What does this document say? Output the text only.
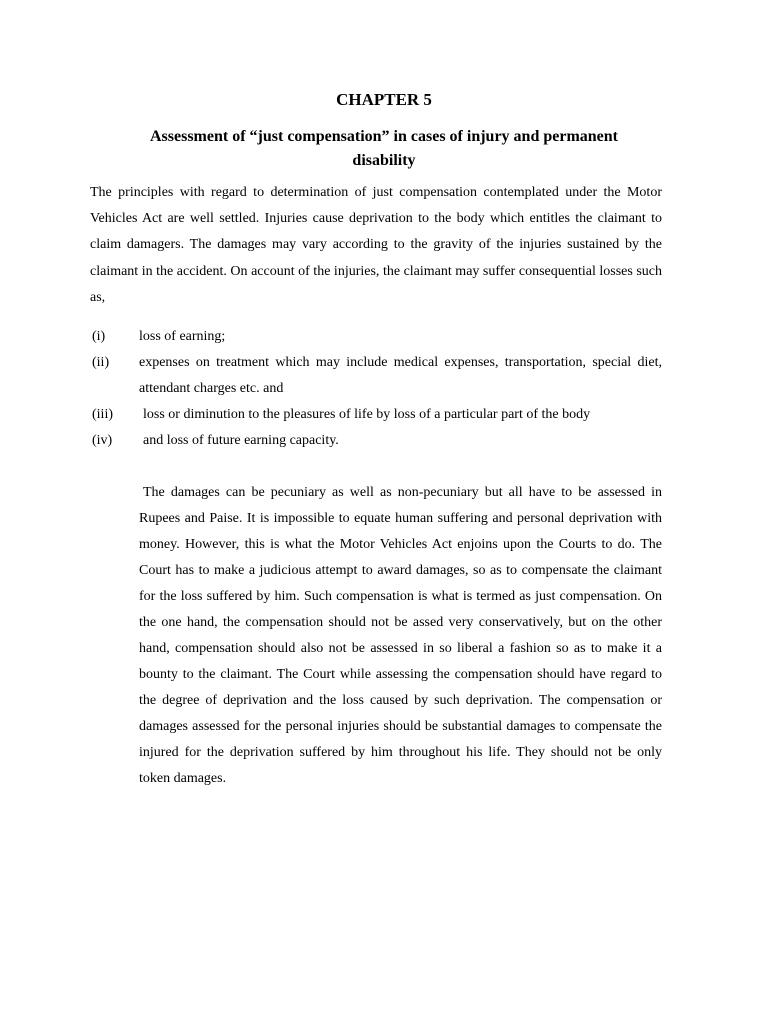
CHAPTER 5
Assessment of “just compensation” in cases of injury and permanent disability

The principles with regard to determination of just compensation contemplated under the Motor Vehicles Act are well settled. Injuries cause deprivation to the body which entitles the claimant to claim damagers. The damages may vary according to the gravity of the injuries sustained by the claimant in the accident. On account of the injuries, the claimant may suffer consequential losses such as,

(i) loss of earning;
(ii) expenses on treatment which may include medical expenses, transportation, special diet, attendant charges etc. and
(iii) loss or diminution to the pleasures of life by loss of a particular part of the body
(iv) and loss of future earning capacity.

The damages can be pecuniary as well as non-pecuniary but all have to be assessed in Rupees and Paise. It is impossible to equate human suffering and personal deprivation with money. However, this is what the Motor Vehicles Act enjoins upon the Courts to do. The Court has to make a judicious attempt to award damages, so as to compensate the claimant for the loss suffered by him. Such compensation is what is termed as just compensation. On the one hand, the compensation should not be assed very conservatively, but on the other hand, compensation should also not be assessed in so liberal a fashion so as to make it a bounty to the claimant. The Court while assessing the compensation should have regard to the degree of deprivation and the loss caused by such deprivation. The compensation or damages assessed for the personal injuries should be substantial damages to compensate the injured for the deprivation suffered by him throughout his life. They should not be only token damages.
